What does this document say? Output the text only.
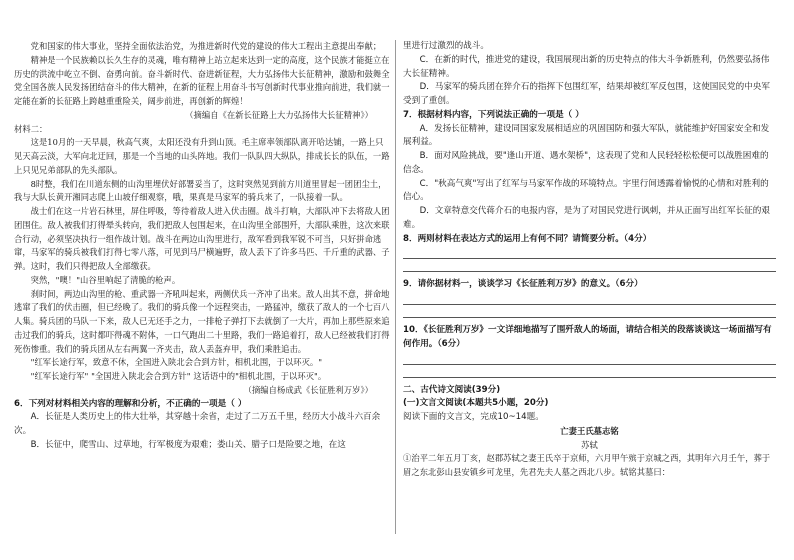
党和国家的伟大事业，坚持全面依法治党，为推进新时代党的建设的伟大工程出主意提出奉献；

精神是一个民族赖以长久生存的灵魂，唯有精神上站立起来达到一定的高度，这个民族才能挺立在历史的洪流中屹立不倒、奋勇向前。奋斗新时代、奋进新征程，大力弘扬伟大长征精神，激励和鼓舞全党全国各族人民发扬团结奋斗的伟大精神，在新的征程上用奋斗书写创新时代事业推向前进，我们就一定能在新的长征路上跨越重重险关，阔步前进，再创新的辉煌！

（摘编自《在新长征路上大力弘扬伟大长征精神》）

材料二：

这是10月的一天早晨，秋高气爽，太阳还没有升到山顶。毛主席率领部队离开哈达铺，一路上只见天高云淡，大军向北迂回，那是一个当地的山头阵地。我们一队队四大纵队，排成长长的队伍，一路上只见兄弟部队的先头部队。

8时整，我们在川道东侧的山沟里埋伏好部署妥当了，这时突然见到前方川道里冒起一团团尘土，我与大队长黄开湘同志爬上山坡仔细观察，哦，果真是马家军的骑兵来了，一队接着一队。

战士们在这一片岩石林里，屏住呼吸，等待着敌人进入伏击圈。战斗打响，大部队冲下去将敌人团团围住。敌人被我们打得晕头转向，我们把敌人包围起来，在山沟里全部围歼，大部队乘胜，这次来联合行动，必须坚决执行一组作战计划。战斗在两边山沟里进行，敌军看到我军锐不可当，只好拼命逃窜，马家军的骑兵被我们打得七零八落，可见到马尸横遍野，敌人丢下了许多马匹、千斤重的武器、子弹。这时，我们只得把敌人全部缴获。

突然，"噢！"山谷里响起了清脆的枪声。

刹时间，两边山沟里的枪、重武器一齐吼叫起来，两侧伏兵一齐冲了出来。敌人出其不意，拼命地逃窜了我们的伏击圈，但已经晚了。我们的骑兵像一个远程突击，一路猛冲，缴获了敌人的一个七百八人集。骑兵团的马队一下来，敌人已无还手之力，一排枪子弹打下去就倒了一大片，再加上那些原来追击过我们的骑兵，这时都吓得魂不附体，一口气跑出二十里路，我们一路追着打，敌人已经被我们打得死伤惨重。我们的骑兵团从左右两翼一齐夹击，敌人丢盔弃甲，我们乘胜追击。

"红军长途行军，致意不休，全国进入陕北会合到方针，相机北围，于以环灭。"

"红军长途行军" "全国进入陕北会合到方针" 这话语中的"相机北围，于以环灭"。

（摘编自杨成武《长征胜利万岁》）

6．下列对材料相关内容的理解和分析，不正确的一项是（ ）

A．长征是人类历史上的伟大壮举，其穿越十余省，走过了二万五千里，经历大小战斗六百余次。

B．长征中，爬雪山、过草地，行军极度为艰难；娄山关、腊子口是险要之地，在这

里进行过激烈的战斗。

C．在新的时代，推进党的建设，我国展现出新的历史特点的伟大斗争新胜利，仍然要弘扬伟大长征精神。

D．马家军的骑兵团在猝介石的指挥下包围红军，结果却被红军反包围，这使国民党的中央军受到了重创。

7．根据材料内容，下列说法正确的一项是（ ）

A．发扬长征精神，建设同国家发展相适应的巩固国防和强大军队，就能维护好国家安全和发展利益。

B．面对风险挑战，要"逢山开道、遇水架桥"，这表现了党和人民轻轻松松便可以战胜困难的信念。

C．"秋高气爽"写出了红军与马家军作战的环境特点。宇里行间透露着愉悦的心情和对胜利的信心。

D．文章特意交代蒋介石的电报内容，是为了对国民党进行讽刺，并从正面写出红军长征的艰难。

8．两则材料在表达方式的运用上有何不同？请简要分析。（4分）

9．请你据材料一，谈谈学习《长征胜利万岁》的意义。（6分）

10．《长征胜利万岁》一文详细地描写了围歼敌人的场面，请结合相关的段落谈谈这一场面描写有何作用。（6分）

二、古代诗文阅读(39分)

(一)文言文阅读(本题共5小题，20分)

阅读下面的文言文，完成10~14题。

亡妻王氏墓志铭

苏轼

①治平二年五月丁亥，赵郡苏轼之妻王氏卒于京师，六月甲午殡于京城之西，其明年六月壬午，葬于眉之东北彭山县安镇乡可龙里，先君先夫人墓之西北八步。轼铭其墓曰：
